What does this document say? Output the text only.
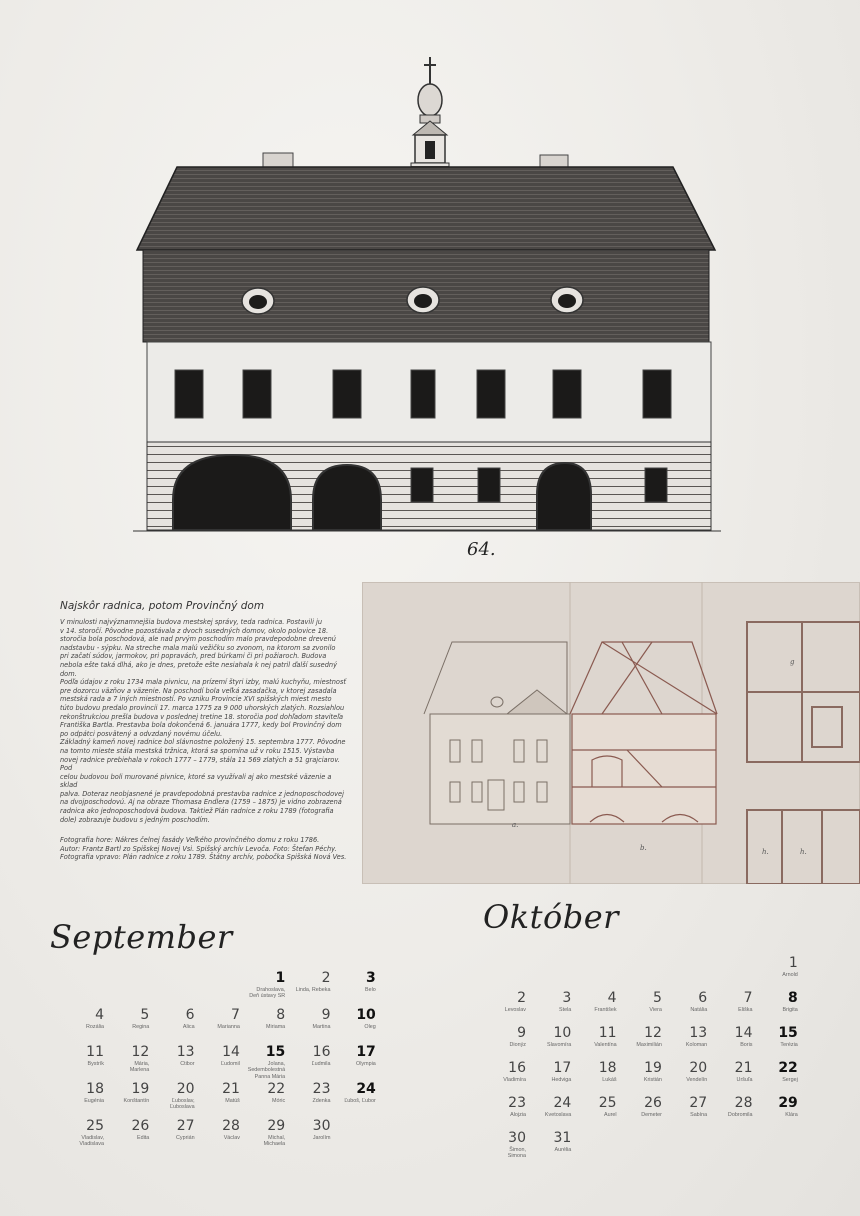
64.

Najskôr radnica, potom Provinčný dom

V minulosti najvýznamnejšia budova mestskej správy, teda radnica. Postavili ju
v 14. storočí. Pôvodne pozostávala z dvoch susedných domov, okolo polovice 18.
storočia bola poschodová, ale nad prvým poschodím malo pravdepodobne drevenú
nadstavbu - sýpku. Na streche mala malú vežičku so zvonom, na ktorom sa zvonilo
pri začatí súdov, jarmokov, pri popravách, pred búrkami či pri požiaroch. Budova
nebola ešte taká dlhá, ako je dnes, pretože ešte nesiahala k nej patril ďalší susedný dom.
Podľa údajov z roku 1734 mala pivnicu, na prízemí štyri izby, malú kuchyňu, miestnosť
pre dozorcu väzňov a väzenie. Na poschodí bola veľká zasadačka, v ktorej zasadala
mestská rada a 7 iných miestností. Po vzniku Provincie XVI spišských miest mesto
túto budovu predalo provincii 17. marca 1775 za 9 000 uhorských zlatých. Rozsiahlou
rekonštrukciou prešla budova v poslednej tretine 18. storočia pod dohľadom staviteľa
Františka Bartla. Prestavba bola dokončená 6. januára 1777, kedy bol Provinčný dom
po odpátci posvätený a odvzdaný novému účelu.
Základný kameň novej radnice bol slávnostne položený 15. septembra 1777. Pôvodne
na tomto mieste stála mestská tržnica, ktorá sa spomína už v roku 1515. Výstavba
novej radnice prebiehala v rokoch 1777 – 1779, stála 11 569 zlatých a 51 grajciarov. Pod
celou budovou boli murované pivnice, ktoré sa využívali aj ako mestské väzenie a sklad
palva. Doteraz neobjasnené je pravdepodobná prestavba radnice z jednoposchodovej
na dvojposchodovú. Aj na obraze Thomasa Endlera (1759 – 1875) je vidno zobrazená
radnica ako jednoposchodová budova. Taktiež Plán radnice z roku 1789 (fotografia
dole) zobrazuje budovu s jedným poschodím.

Fotografia hore: Nákres čelnej fasády Veľkého provinčného domu z roku 1786.
Autor: Frantz Bartl zo Spišskej Novej Vsi. Spišský archív Levoča. Foto: Štefan Péchy.
Fotografia vpravo: Plán radnice z roku 1789. Štátny archív, pobočka Spišská Nová Ves.

a.
b.	h.	h.
g
September
Október
1
Drahoslava,
Deň ústavy SR
2
Linda, Rebeka
3
Belo
4
Rozália
5
Regina
6
Alica
7
Marianna
8
Miriama
9
Martina
10
Oleg
11
Bystrík
12
Mária,
Marlena
13
Ctibor
14
Ľudomil
15
Jolana,
Sedembolestná
Panna Mária
16
Ľudmila
17
Olympia
18
Eugénia
19
Konštantín
20
Ľuboslav,
Ľuboslava
21
Matúš
22
Móric
23
Zdenka
24
Ľuboš, Ľubor
25
Vladislav,
Vladislava
26
Edita
27
Cyprián
28
Václav
29
Michal,
Michaela
30
Jarolím
1
Arnold
2
Levoslav
3
Stela
4
František
5
Viera
6
Natália
7
Eliška
8
Brigita
9
Dionýz
10
Slavomíra
11
Valentína
12
Maximilián
13
Koloman
14
Boris
15
Terézia
16
Vladimíra
17
Hedviga
18
Lukáš
19
Kristián
20
Vendelín
21
Uršuľa
22
Sergej
23
Alojzia
24
Kvetoslava
25
Aurel
26
Demeter
27
Sabína
28
Dobromila
29
Klára
30
Šimon,
Simona
31
Aurélia
